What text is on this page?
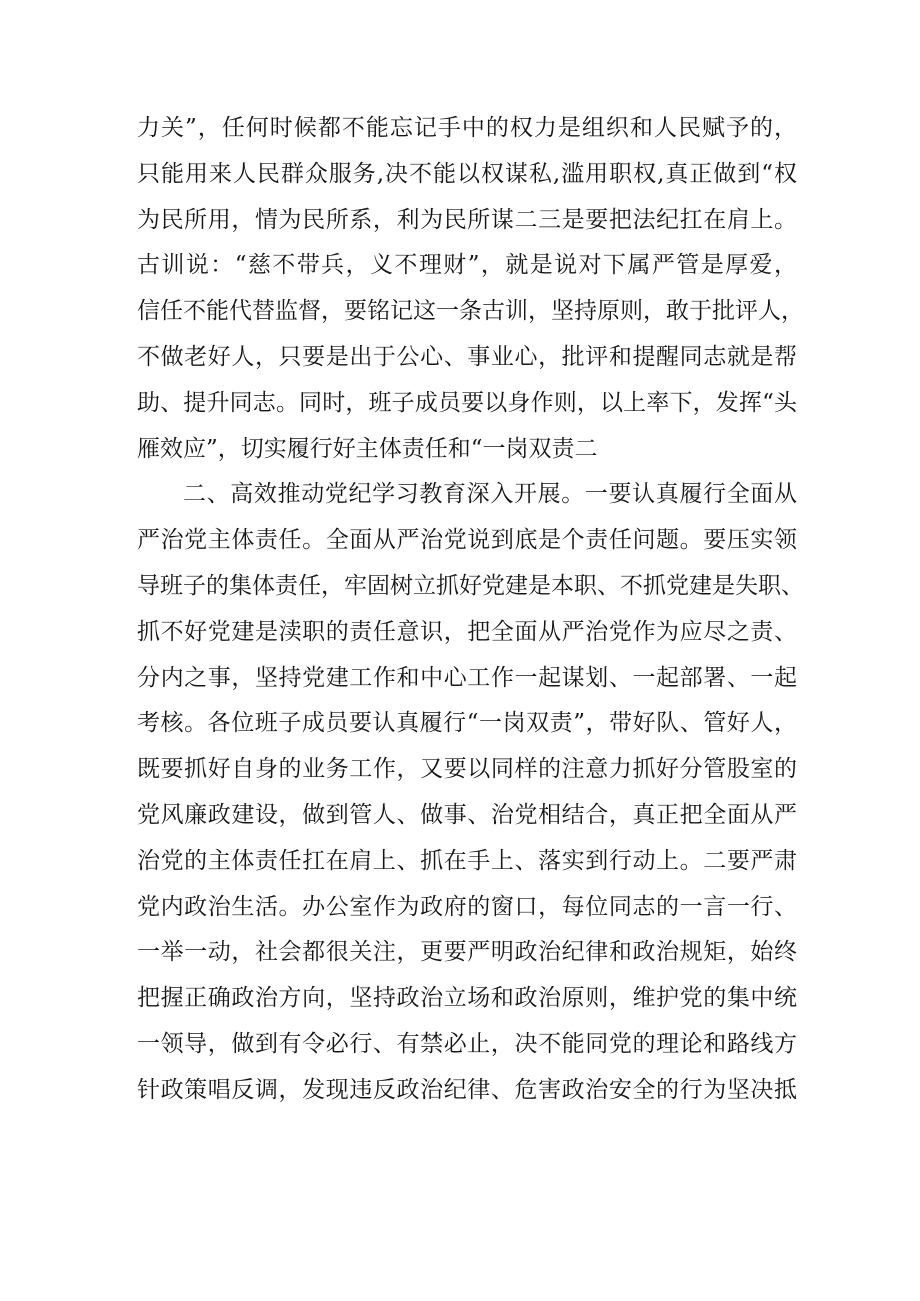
力关”，任何时候都不能忘记手中的权力是组织和人民赋予的，
只能用来人民群众服务,决不能以权谋私,滥用职权,真正做到“权
为民所用，情为民所系，利为民所谋二三是要把法纪扛在肩上。
古训说：“慈不带兵，义不理财”，就是说对下属严管是厚爱，
信任不能代替监督，要铭记这一条古训，坚持原则，敢于批评人，
不做老好人，只要是出于公心、事业心，批评和提醒同志就是帮
助、提升同志。同时，班子成员要以身作则，以上率下，发挥“头
雁效应”，切实履行好主体责任和“一岗双责二
二、高效推动党纪学习教育深入开展。一要认真履行全面从
严治党主体责任。全面从严治党说到底是个责任问题。要压实领
导班子的集体责任，牢固树立抓好党建是本职、不抓党建是失职、
抓不好党建是渎职的责任意识，把全面从严治党作为应尽之责、
分内之事，坚持党建工作和中心工作一起谋划、一起部署、一起
考核。各位班子成员要认真履行“一岗双责”，带好队、管好人，
既要抓好自身的业务工作，又要以同样的注意力抓好分管股室的
党风廉政建设，做到管人、做事、治党相结合，真正把全面从严
治党的主体责任扛在肩上、抓在手上、落实到行动上。二要严肃
党内政治生活。办公室作为政府的窗口，每位同志的一言一行、
一举一动，社会都很关注，更要严明政治纪律和政治规矩，始终
把握正确政治方向，坚持政治立场和政治原则，维护党的集中统
一领导，做到有令必行、有禁必止，决不能同党的理论和路线方
针政策唱反调，发现违反政治纪律、危害政治安全的行为坚决抵
